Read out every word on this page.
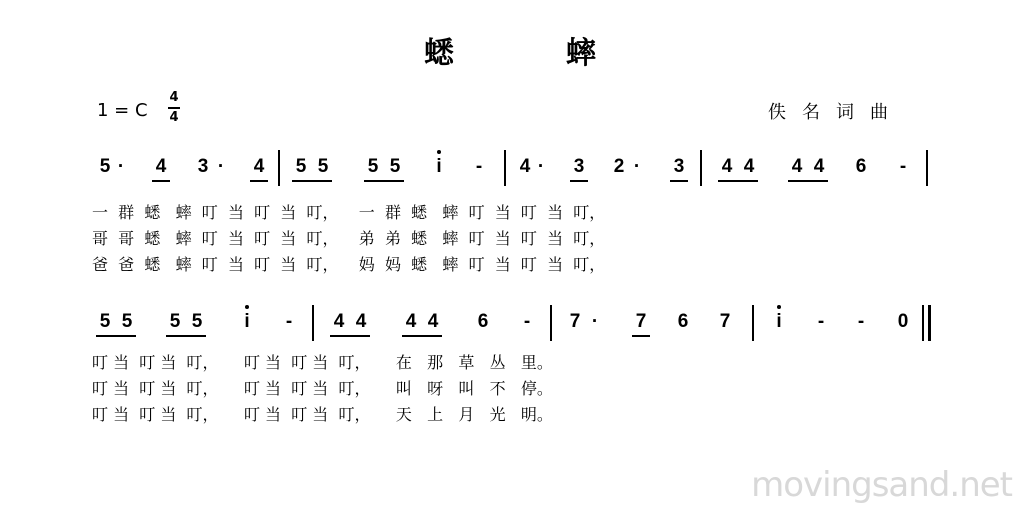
蟋	蟀
1 = C
4
4	佚名词曲
5 ·	4 3 ·	4 5 5 5 5	i	-	4 ·	3 2 ·	3 4 4 4 4 6	-
一  群  蟋   蟀  叮  当  叮  当  叮，    一  群  蟋   蟀  叮  当  叮  当  叮，
哥  哥  蟋   蟀  叮  当  叮  当  叮，    弟  弟  蟋   蟀  叮  当  叮  当  叮，
爸  爸  蟋   蟀  叮  当  叮  当  叮，    妈  妈  蟋   蟀  叮  当  叮  当  叮，
5 5 5 5	i	-	4 4 4 4 6	-	7 ·	7 6 7	i	-	-	0
叮 当  叮 当  叮，     叮 当  叮 当  叮，     在   那   草   丛   里。
叮 当  叮 当  叮，     叮 当  叮 当  叮，     叫   呀   叫   不   停。
叮 当  叮 当  叮，     叮 当  叮 当  叮，     天   上   月   光   明。
movingsand.net
